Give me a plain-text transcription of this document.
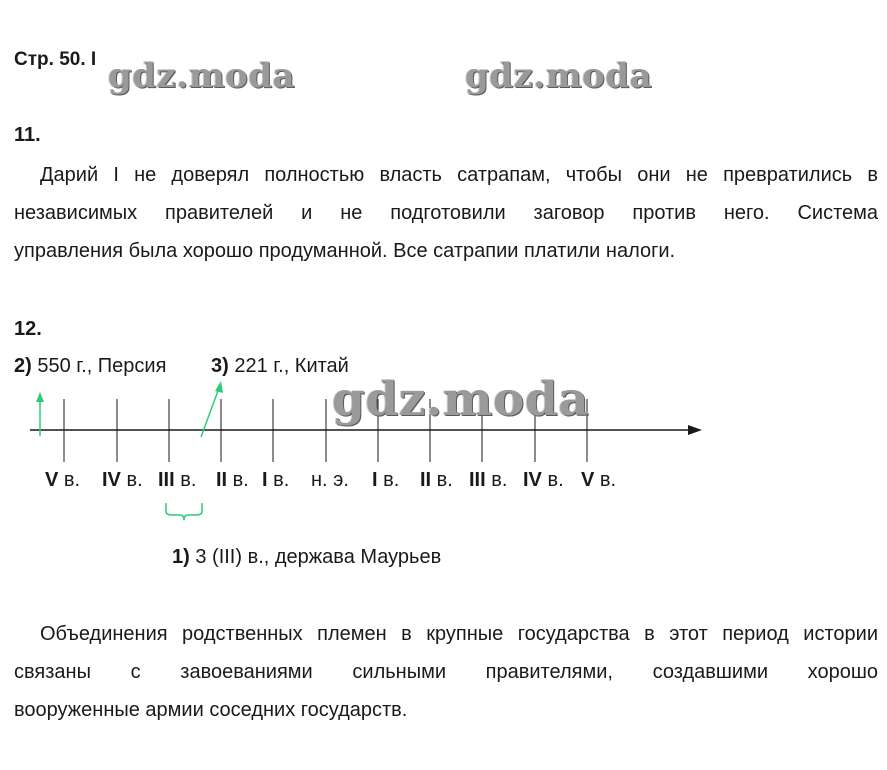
Стр. 50. I gdz.moda	gdz.moda
11.
Дарий I не доверял полностью власть сатрапам, чтобы они не превратились в
независимых правителей и не подготовили заговор против него. Система
управления была хорошо продуманной. Все сатрапии платили налоги.
12.
2) 550 г., Персия 3) 221 г., Китай
gdz.moda
V в. IV в. III в. II в. I в. н. э. I в. II в. III в. IV в. V в.
1) 3 (III) в., держава Маурьев
Объединения родственных племен в крупные государства в этот период истории
связаны с завоеваниями сильными правителями, создавшими хорошо
вооруженные армии соседних государств.
